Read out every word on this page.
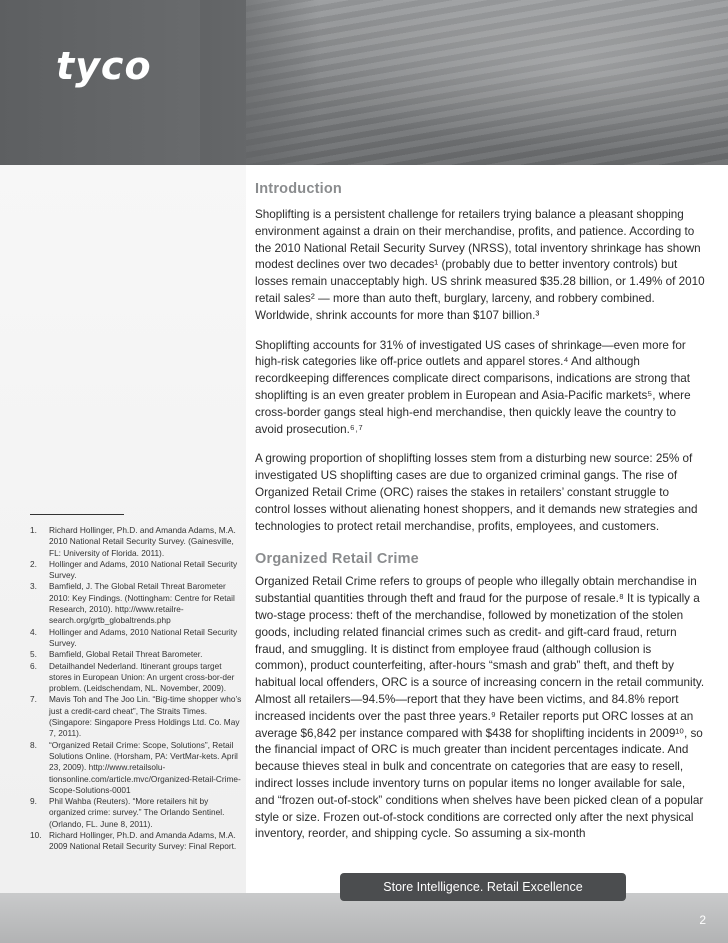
tyco
1. Richard Hollinger, Ph.D. and Amanda Adams, M.A. 2010 National Retail Security Survey. (Gainesville, FL: University of Florida. 2011).
2. Hollinger and Adams, 2010 National Retail Security Survey.
3. Bamfield, J. The Global Retail Threat Barometer 2010: Key Findings. (Nottingham: Centre for Retail Research, 2010). http://www.retailre-search.org/grtb_globaltrends.php
4. Hollinger and Adams, 2010 National Retail Security Survey.
5. Bamfield, Global Retail Threat Barometer.
6. Detailhandel Nederland. Itinerant groups target stores in European Union: An urgent cross-bor-der problem. (Leidschendam, NL. November, 2009).
7. Mavis Toh and The Joo Lin. “Big-time shopper who’s just a credit-card cheat”, The Straits Times. (Singapore: Singapore Press Holdings Ltd. Co. May 7, 2011).
8. “Organized Retail Crime: Scope, Solutions”, Retail Solutions Online. (Horsham, PA: VertMar-kets. April 23, 2009). http://www.retailsolu-tionsonline.com/article.mvc/Organized-Retail-Crime-Scope-Solutions-0001
9. Phil Wahba (Reuters). “More retailers hit by organized crime: survey.” The Orlando Sentinel. (Orlando, FL. June 8, 2011).
10. Richard Hollinger, Ph.D. and Amanda Adams, M.A. 2009 National Retail Security Survey: Final Report.
Introduction

Shoplifting is a persistent challenge for retailers trying balance a pleasant shopping environment against a drain on their merchandise, profits, and patience. According to the 2010 National Retail Security Survey (NRSS), total inventory shrinkage has shown modest declines over two decades¹ (probably due to better inventory controls) but losses remain unacceptably high. US shrink measured $35.28 billion, or 1.49% of 2010 retail sales² — more than auto theft, burglary, larceny, and robbery combined. Worldwide, shrink accounts for more than $107 billion.³

Shoplifting accounts for 31% of investigated US cases of shrinkage—even more for high-risk categories like off-price outlets and apparel stores.⁴ And although recordkeeping differences complicate direct comparisons, indications are strong that shoplifting is an even greater problem in European and Asia-Pacific markets⁵, where cross-border gangs steal high-end merchandise, then quickly leave the country to avoid prosecution.⁶˒⁷

A growing proportion of shoplifting losses stem from a disturbing new source: 25% of investigated US shoplifting cases are due to organized criminal gangs. The rise of Organized Retail Crime (ORC) raises the stakes in retailers’ constant struggle to control losses without alienating honest shoppers, and it demands new strategies and technologies to protect retail merchandise, profits, employees, and customers.

Organized Retail Crime

Organized Retail Crime refers to groups of people who illegally obtain merchandise in substantial quantities through theft and fraud for the purpose of resale.⁸ It is typically a two-stage process: theft of the merchandise, followed by monetization of the stolen goods, including related financial crimes such as credit- and gift-card fraud, return fraud, and smuggling. It is distinct from employee fraud (although collusion is common), product counterfeiting, after-hours “smash and grab” theft, and theft by habitual local offenders, ORC is a source of increasing concern in the retail community. Almost all retailers—94.5%—report that they have been victims, and 84.8% report increased incidents over the past three years.⁹ Retailer reports put ORC losses at an average $6,842 per instance compared with $438 for shoplifting incidents in 2009¹⁰, so the financial impact of ORC is much greater than incident percentages indicate. And because thieves steal in bulk and concentrate on categories that are easy to resell, indirect losses include inventory turns on popular items no longer available for sale, and “frozen out-of-stock” conditions when shelves have been picked clean of a popular style or size. Frozen out-of-stock conditions are corrected only after the next physical inventory, reorder, and shipping cycle. So assuming a six-month

Store Intelligence. Retail Excellence
2
